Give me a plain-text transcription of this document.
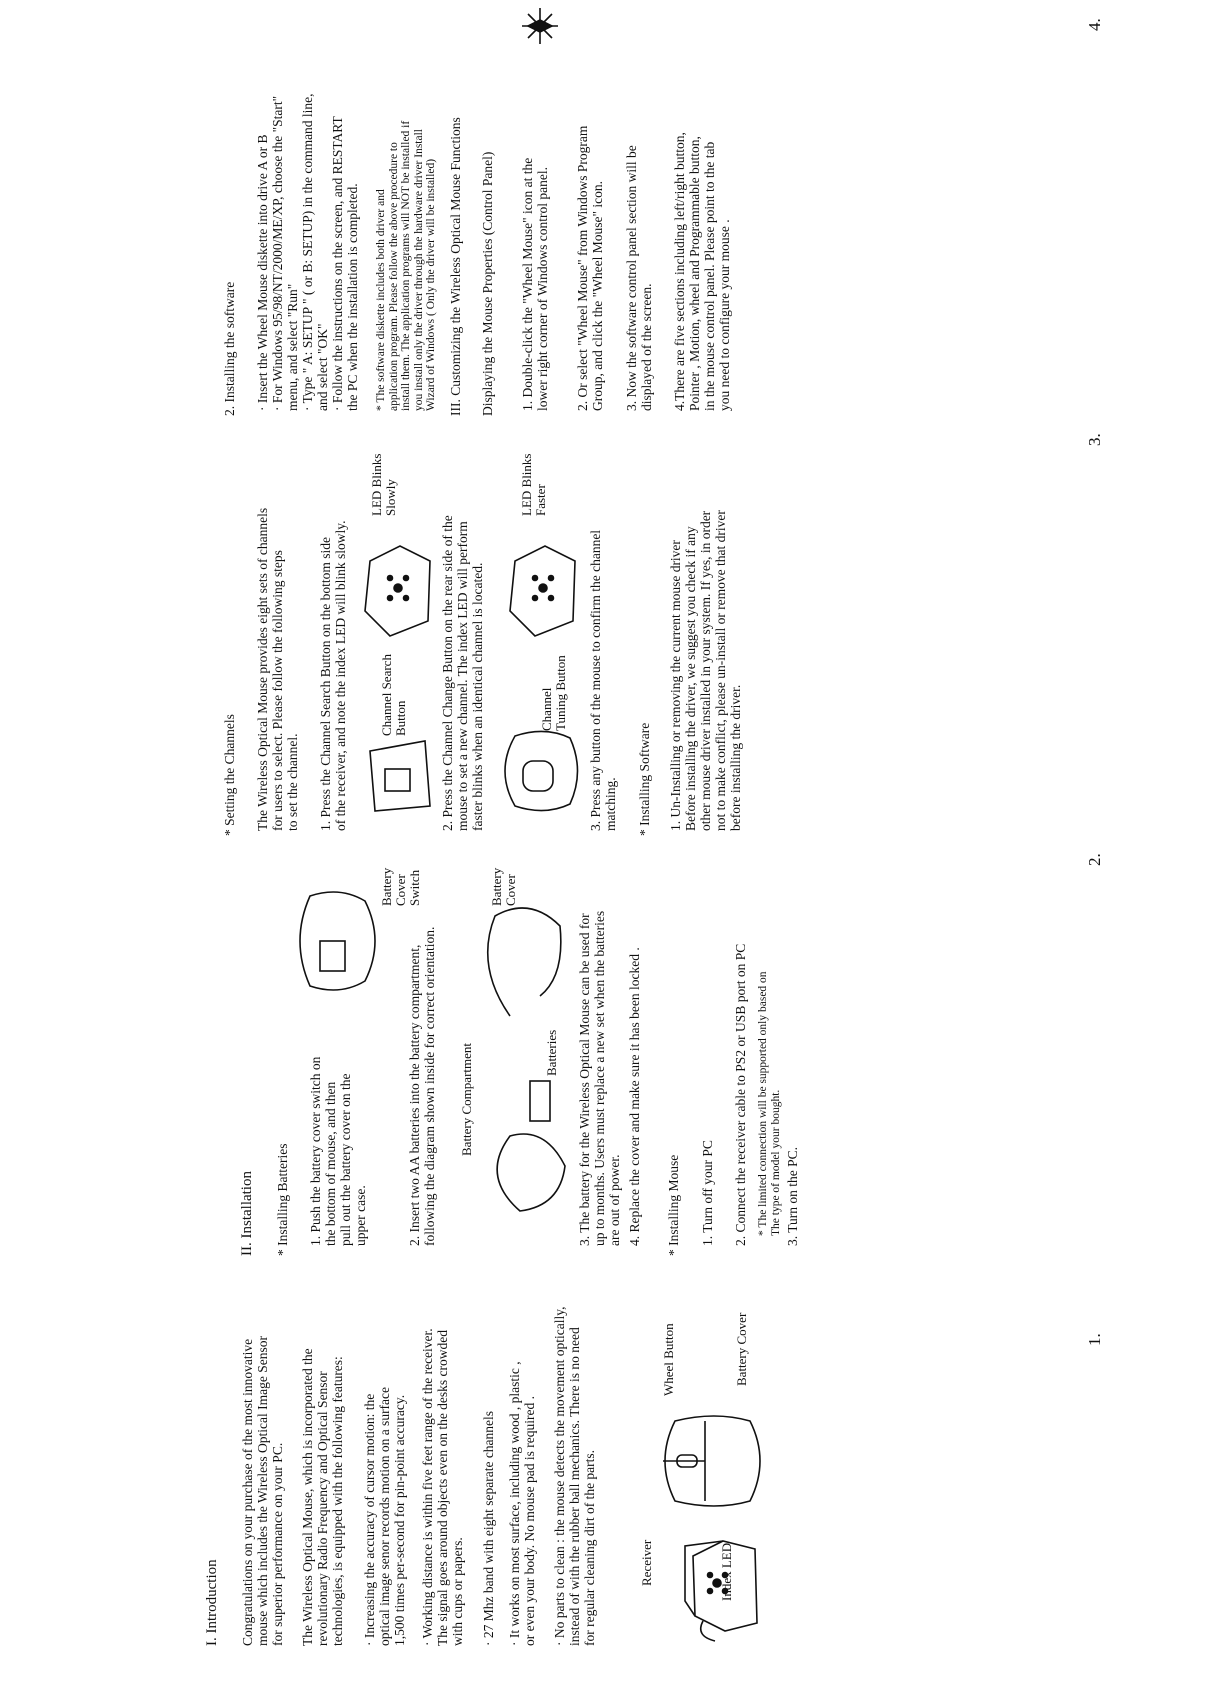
I. Introduction Congratulations on your purchase of the most innovative
mouse which includes the Wireless Optical Image Sensor
for superior performance on your PC.
The Wireless Optical Mouse, which is incorporated the
revolutionary Radio Frequency and Optical Sensor
technologies, is equipped with the following features:
· Increasing the accuracy of cursor motion: the
optical image senor records motion on a surface
1,500 times per-second for pin-point accuracy.
· Working distance is within five feet range of the receiver.
The signal goes around objects even on the desks crowded
with cups or papers. · 27 Mhz band with eight separate channels · It works on most surface, including wood , plastic ,
or even your body. No mouse pad is required .
· No parts to clean : the mouse detects the movement optically,
instead of with the rubber ball mechanics. There is no need
for regular cleaning dirt of the parts.
Receiver	Index LED
Wheel Button	Battery Cover	1.
II. Installation * Installing Batteries 1. Push the battery cover switch on
the bottom of mouse, and then
pull out the battery cover on the
upper case.
Battery Cover
Switch
2. Insert two AA batteries into the battery compartment,
following the diagram shown inside for correct orientation.
Battery Compartment	Batteries
Battery
Cover
3. The battery for the Wireless Optical Mouse can be used for
up to months. Users must replace a new set when the batteries
are out of power. 4. Replace the cover and make sure it has been locked . * Installing Mouse 1. Turn off your PC 2. Connect the receiver cable to PS2 or USB port on PC * The limited connection will be supported only based on
The type of model your bought.
3. Turn on the PC.
2.
* Setting the Channels The Wireless Optical Mouse provides eight sets of channels
for users to select. Please follow the following steps
to set the channel.
1. Press the Channel Search Button on the bottom side
of the receiver, and note the index LED will blink slowly.
Channel Search
Button
LED Blinks
Slowly
2. Press the Channel Change Button on the rear side of the
mouse to set a new channel. The index LED will perform
faster blinks when an identical channel is located.
Channel
Tuning Button
LED Blinks
Faster
3. Press any button of the mouse to confirm the channel
matching. * Installing Software 1. Un-Installing or removing the current mouse driver
Before installing the driver, we suggest you check if any
other mouse driver installed in your system. If yes, in order
not to make conflict, please un-install or remove that driver
before installing the driver.
3.
2. Installing the software · Insert the Wheel Mouse diskette into drive A or B
· For Windows 95/98/NT/2000/ME/XP, choose the "Start"
menu, and select "Run"
· Type " A: SETUP " ( or B: SETUP) in the command line,
and select "OK"
· Follow the instructions on the screen, and RESTART
the PC when the installation is completed.
* The software diskette includes both driver and
application program. Please follow the above procedure to
install them. The application programs will NOT be installed if
you install only the driver through the hardware driver Install
Wizard of Windows ( Only the driver will be installed) III. Customizing the Wireless Optical Mouse Functions Displaying the Mouse Properties (Control Panel) 1. Double-click the "Wheel Mouse" icon at the
lower right corner of Windows control panel.
2. Or select "Wheel Mouse" from Windows Program
Group, and click the "Wheel Mouse" icon.
3. Now the software control panel section will be
displayed of the screen.
4.There are five sections including left/right button,
Pointer , Motion, wheel and Programmable button,
in the mouse control panel. Please point to the tab
you need to configure your mouse .
4.
